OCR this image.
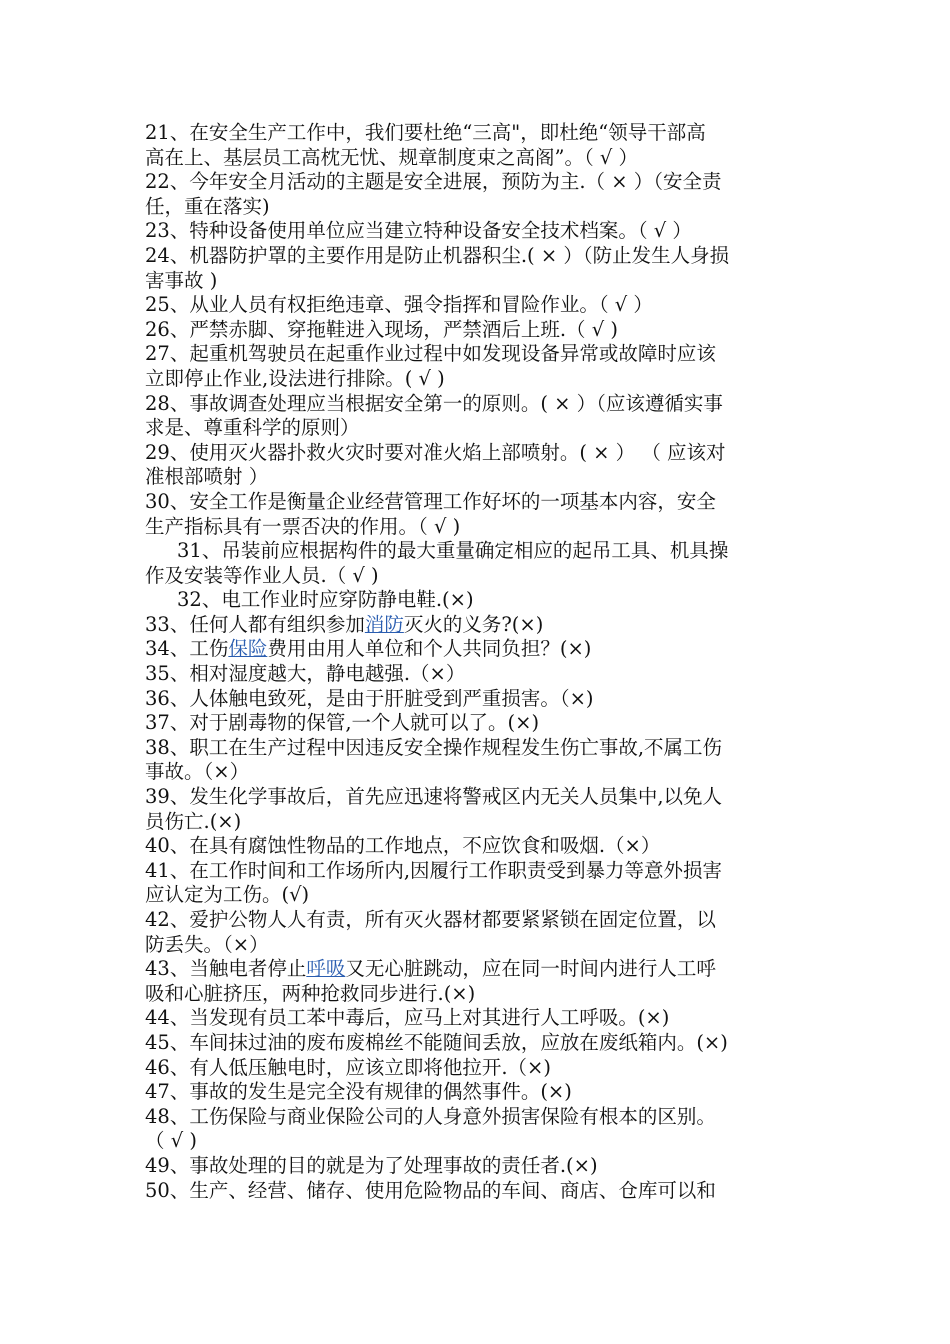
21、在安全生产工作中，我们要杜绝“三高"，即杜绝“领导干部高
高在上、基层员工高枕无忧、规章制度束之高阁”。（ √ ）
22、今年安全月活动的主题是安全进展，预防为主.（ × ）（安全责
任，重在落实)
23、特种设备使用单位应当建立特种设备安全技术档案。（ √ ）
24、机器防护罩的主要作用是防止机器积尘.( × ）（防止发生人身损
害事故 )
25、从业人员有权拒绝违章、强令指挥和冒险作业。（ √ ）
26、严禁赤脚、穿拖鞋进入现场，严禁酒后上班.（ √ )
27、起重机驾驶员在起重作业过程中如发现设备异常或故障时应该
立即停止作业,设法进行排除。( √ )
28、事故调查处理应当根据安全第一的原则。( × ）（应该遵循实事
求是、尊重科学的原则）
29、使用灭火器扑救火灾时要对准火焰上部喷射。( × ） （ 应该对
准根部喷射 ）
30、安全工作是衡量企业经营管理工作好坏的一项基本内容，安全
生产指标具有一票否决的作用。（ √ )
31、吊装前应根据构件的最大重量确定相应的起吊工具、机具操
作及安装等作业人员.（ √ )
32、电工作业时应穿防静电鞋.(×)
33、任何人都有组织参加消防灭火的义务?(×)
34、工伤保险费用由用人单位和个人共同负担？(×)
35、相对湿度越大，静电越强.（×）
36、人体触电致死，是由于肝脏受到严重损害。（×)
37、对于剧毒物的保管,一个人就可以了。(×)
38、职工在生产过程中因违反安全操作规程发生伤亡事故,不属工伤
事故。（×）
39、发生化学事故后，首先应迅速将警戒区内无关人员集中,以免人
员伤亡.(×)
40、在具有腐蚀性物品的工作地点，不应饮食和吸烟.（×）
41、在工作时间和工作场所内,因履行工作职责受到暴力等意外损害
应认定为工伤。(√)
42、爱护公物人人有责，所有灭火器材都要紧紧锁在固定位置，以
防丢失。（×）
43、当触电者停止呼吸又无心脏跳动，应在同一时间内进行人工呼
吸和心脏挤压，两种抢救同步进行.(×)
44、当发现有员工苯中毒后，应马上对其进行人工呼吸。(×)
45、车间抹过油的废布废棉丝不能随间丢放，应放在废纸箱内。(×)
46、有人低压触电时，应该立即将他拉开.（×)
47、事故的发生是完全没有规律的偶然事件。(×)
48、工伤保险与商业保险公司的人身意外损害保险有根本的区别。
（ √ )
49、事故处理的目的就是为了处理事故的责任者.(×)
50、生产、经营、储存、使用危险物品的车间、商店、仓库可以和
